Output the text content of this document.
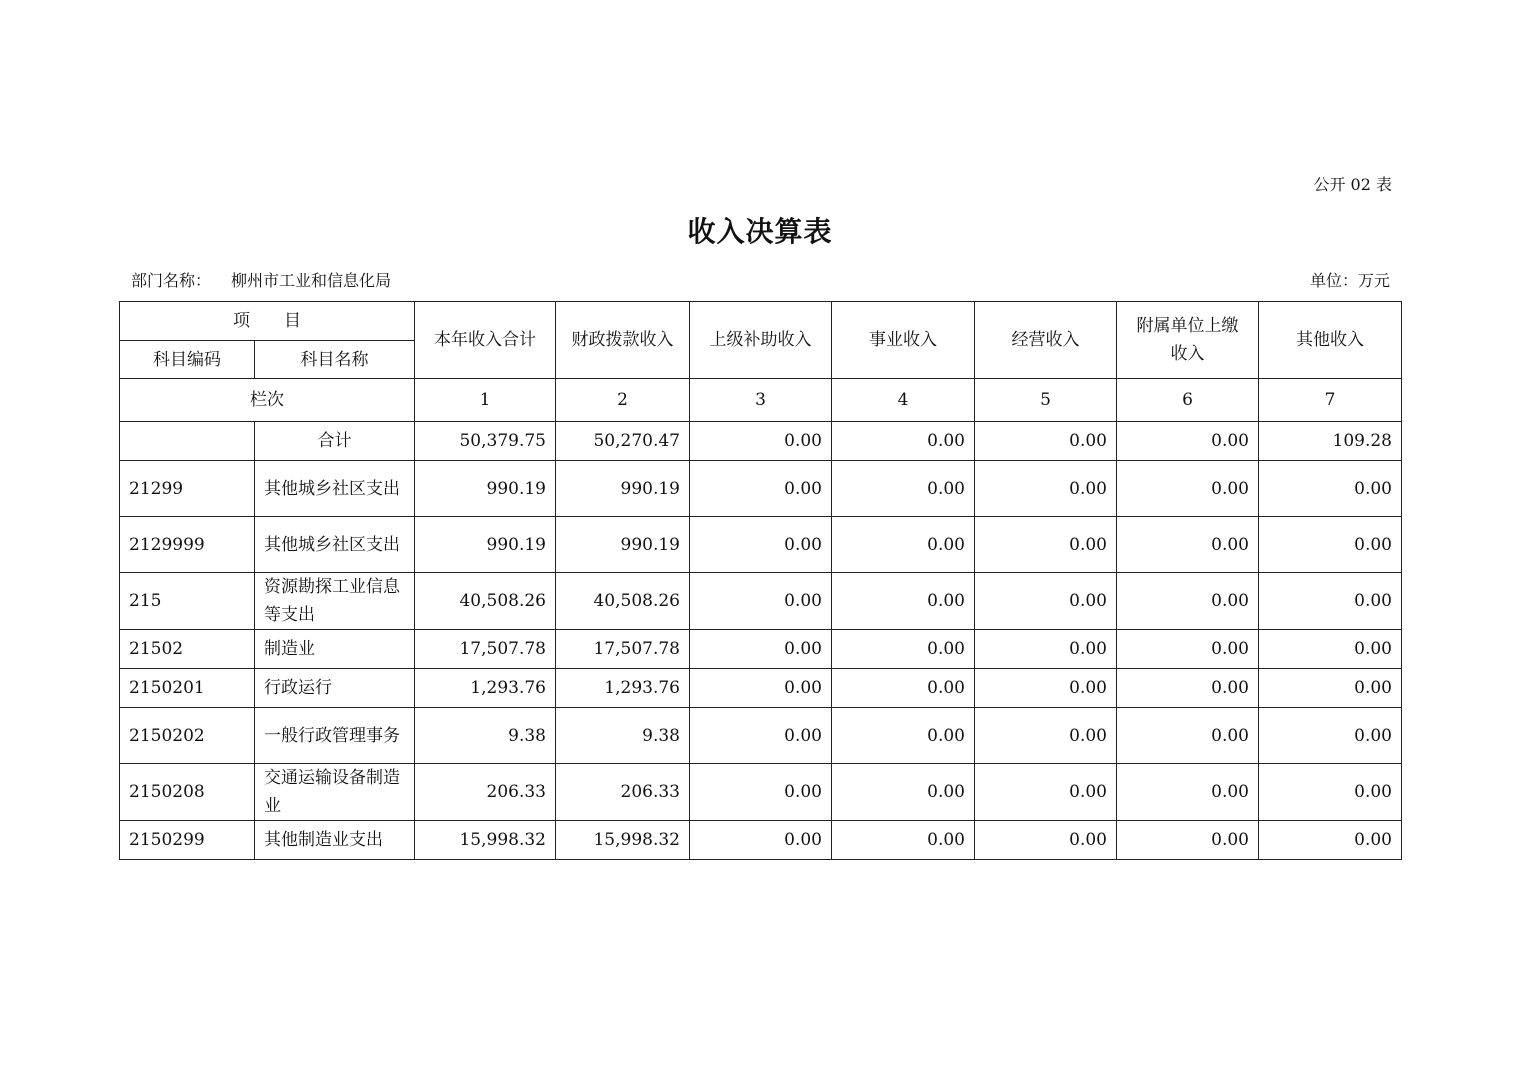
公开 02 表
收入决算表
部门名称： 柳州市工业和信息化局	单位：万元
项　　目		本年收入合计	财政拨款收入	上级补助收入	事业收入	经营收入	附属单位上缴收入	其他收入
科目编码	科目名称							
栏次		1	2	3	4	5	6	7
	合计	50,379.75	50,270.47	0.00	0.00	0.00	0.00	109.28
21299	其他城乡社区支出	990.19	990.19	0.00	0.00	0.00	0.00	0.00
2129999	其他城乡社区支出	990.19	990.19	0.00	0.00	0.00	0.00	0.00
215	资源勘探工业信息等支出	40,508.26	40,508.26	0.00	0.00	0.00	0.00	0.00
21502	制造业	17,507.78	17,507.78	0.00	0.00	0.00	0.00	0.00
2150201	行政运行	1,293.76	1,293.76	0.00	0.00	0.00	0.00	0.00
2150202	一般行政管理事务	9.38	9.38	0.00	0.00	0.00	0.00	0.00
2150208	交通运输设备制造业	206.33	206.33	0.00	0.00	0.00	0.00	0.00
2150299	其他制造业支出	15,998.32	15,998.32	0.00	0.00	0.00	0.00	0.00
